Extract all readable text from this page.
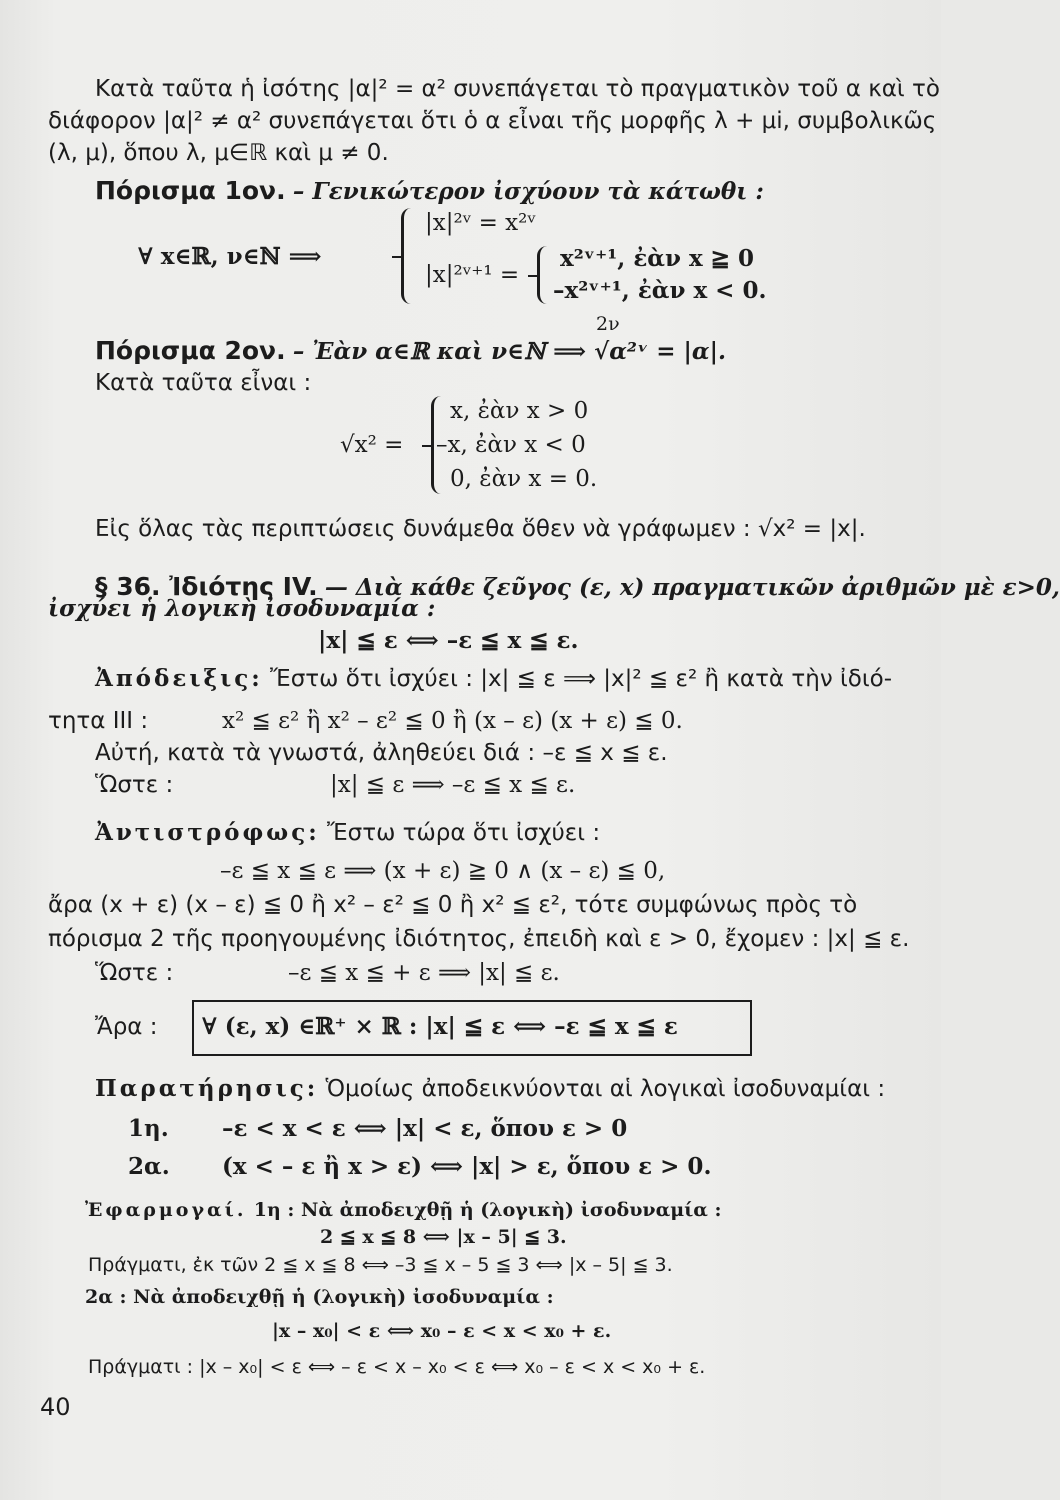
Κατὰ ταῦτα ἡ ἰσότης |α|² = α² συνεπάγεται τὸ πραγματικὸν τοῦ α καὶ τὸ
διάφορον |α|² ≠ α² συνεπάγεται ὅτι ὁ α εἶναι τῆς μορφῆς λ + μi, συμβολικῶς
(λ, μ), ὅπου λ, μ∈ℝ καὶ μ ≠ 0.
Πόρισμα 1ον. – Γενικώτερον ἰσχύουν τὰ κάτωθι :
∀ x∈ℝ, ν∈ℕ ⟹
|x|²ᵛ = x²ᵛ
|x|²ᵛ⁺¹ =
x²ᵛ⁺¹, ἐὰν x ≧ 0
–x²ᵛ⁺¹, ἐὰν x < 0.
2ν
Πόρισμα 2ον. – Ἐὰν α∈ℝ καὶ ν∈ℕ ⟹ √α²ᵛ = |α|.
Κατὰ ταῦτα εἶναι :
√x² =
x, ἐὰν x > 0
–x, ἐὰν x < 0
0, ἐὰν x = 0.
Εἰς ὅλας τὰς περιπτώσεις δυνάμεθα ὅθεν νὰ γράφωμεν : √x² = |x|.
§ 36. Ἰδιότης IV. — Διὰ κάθε ζεῦγος (ε, x) πραγματικῶν ἀριθμῶν μὲ ε>0,
ἰσχύει ἡ λογικὴ ἰσοδυναμία :
|x| ≦ ε ⟺ –ε ≦ x ≦ ε.
Ἀπόδειξις: Ἔστω ὅτι ἰσχύει : |x| ≦ ε ⟹ |x|² ≦ ε² ἢ κατὰ τὴν ἰδιό-
τητα III :	x² ≦ ε² ἢ x² – ε² ≦ 0 ἢ (x – ε) (x + ε) ≦ 0.
Αὐτή, κατὰ τὰ γνωστά, ἀληθεύει διά : –ε ≦ x ≦ ε.
Ὥστε :	|x| ≦ ε ⟹ –ε ≦ x ≦ ε.
Ἀντιστρόφως: Ἔστω τώρα ὅτι ἰσχύει :
–ε ≦ x ≦ ε ⟹ (x + ε) ≧ 0 ∧ (x – ε) ≦ 0,
ἄρα (x + ε) (x – ε) ≦ 0 ἢ x² – ε² ≦ 0 ἢ x² ≦ ε², τότε συμφώνως πρὸς τὸ
πόρισμα 2 τῆς προηγουμένης ἰδιότητος, ἐπειδὴ καὶ ε > 0, ἔχομεν : |x| ≦ ε.
Ὥστε :	–ε ≦ x ≦ + ε ⟹ |x| ≦ ε.
Ἄρα : ∀ (ε, x) ∈ℝ⁺ × ℝ : |x| ≦ ε ⟺ –ε ≦ x ≦ ε
Παρατήρησις: Ὁμοίως ἀποδεικνύονται αἱ λογικαὶ ἰσοδυναμίαι :
1η. –ε < x < ε ⟺ |x| < ε, ὅπου ε > 0
2α. (x < – ε ἢ x > ε) ⟺ |x| > ε, ὅπου ε > 0.
Ἐφαρμογαί. 1η : Νὰ ἀποδειχθῇ ἡ (λογικὴ) ἰσοδυναμία :
2 ≦ x ≦ 8 ⟺ |x – 5| ≦ 3.
Πράγματι, ἐκ τῶν 2 ≦ x ≦ 8 ⟺ –3 ≦ x – 5 ≦ 3 ⟺ |x – 5| ≦ 3.
2α : Νὰ ἀποδειχθῇ ἡ (λογικὴ) ἰσοδυναμία :
|x – x₀| < ε ⟺ x₀ – ε < x < x₀ + ε.
Πράγματι : |x – x₀| < ε ⟺ – ε < x – x₀ < ε ⟺ x₀ – ε < x < x₀ + ε.
40
